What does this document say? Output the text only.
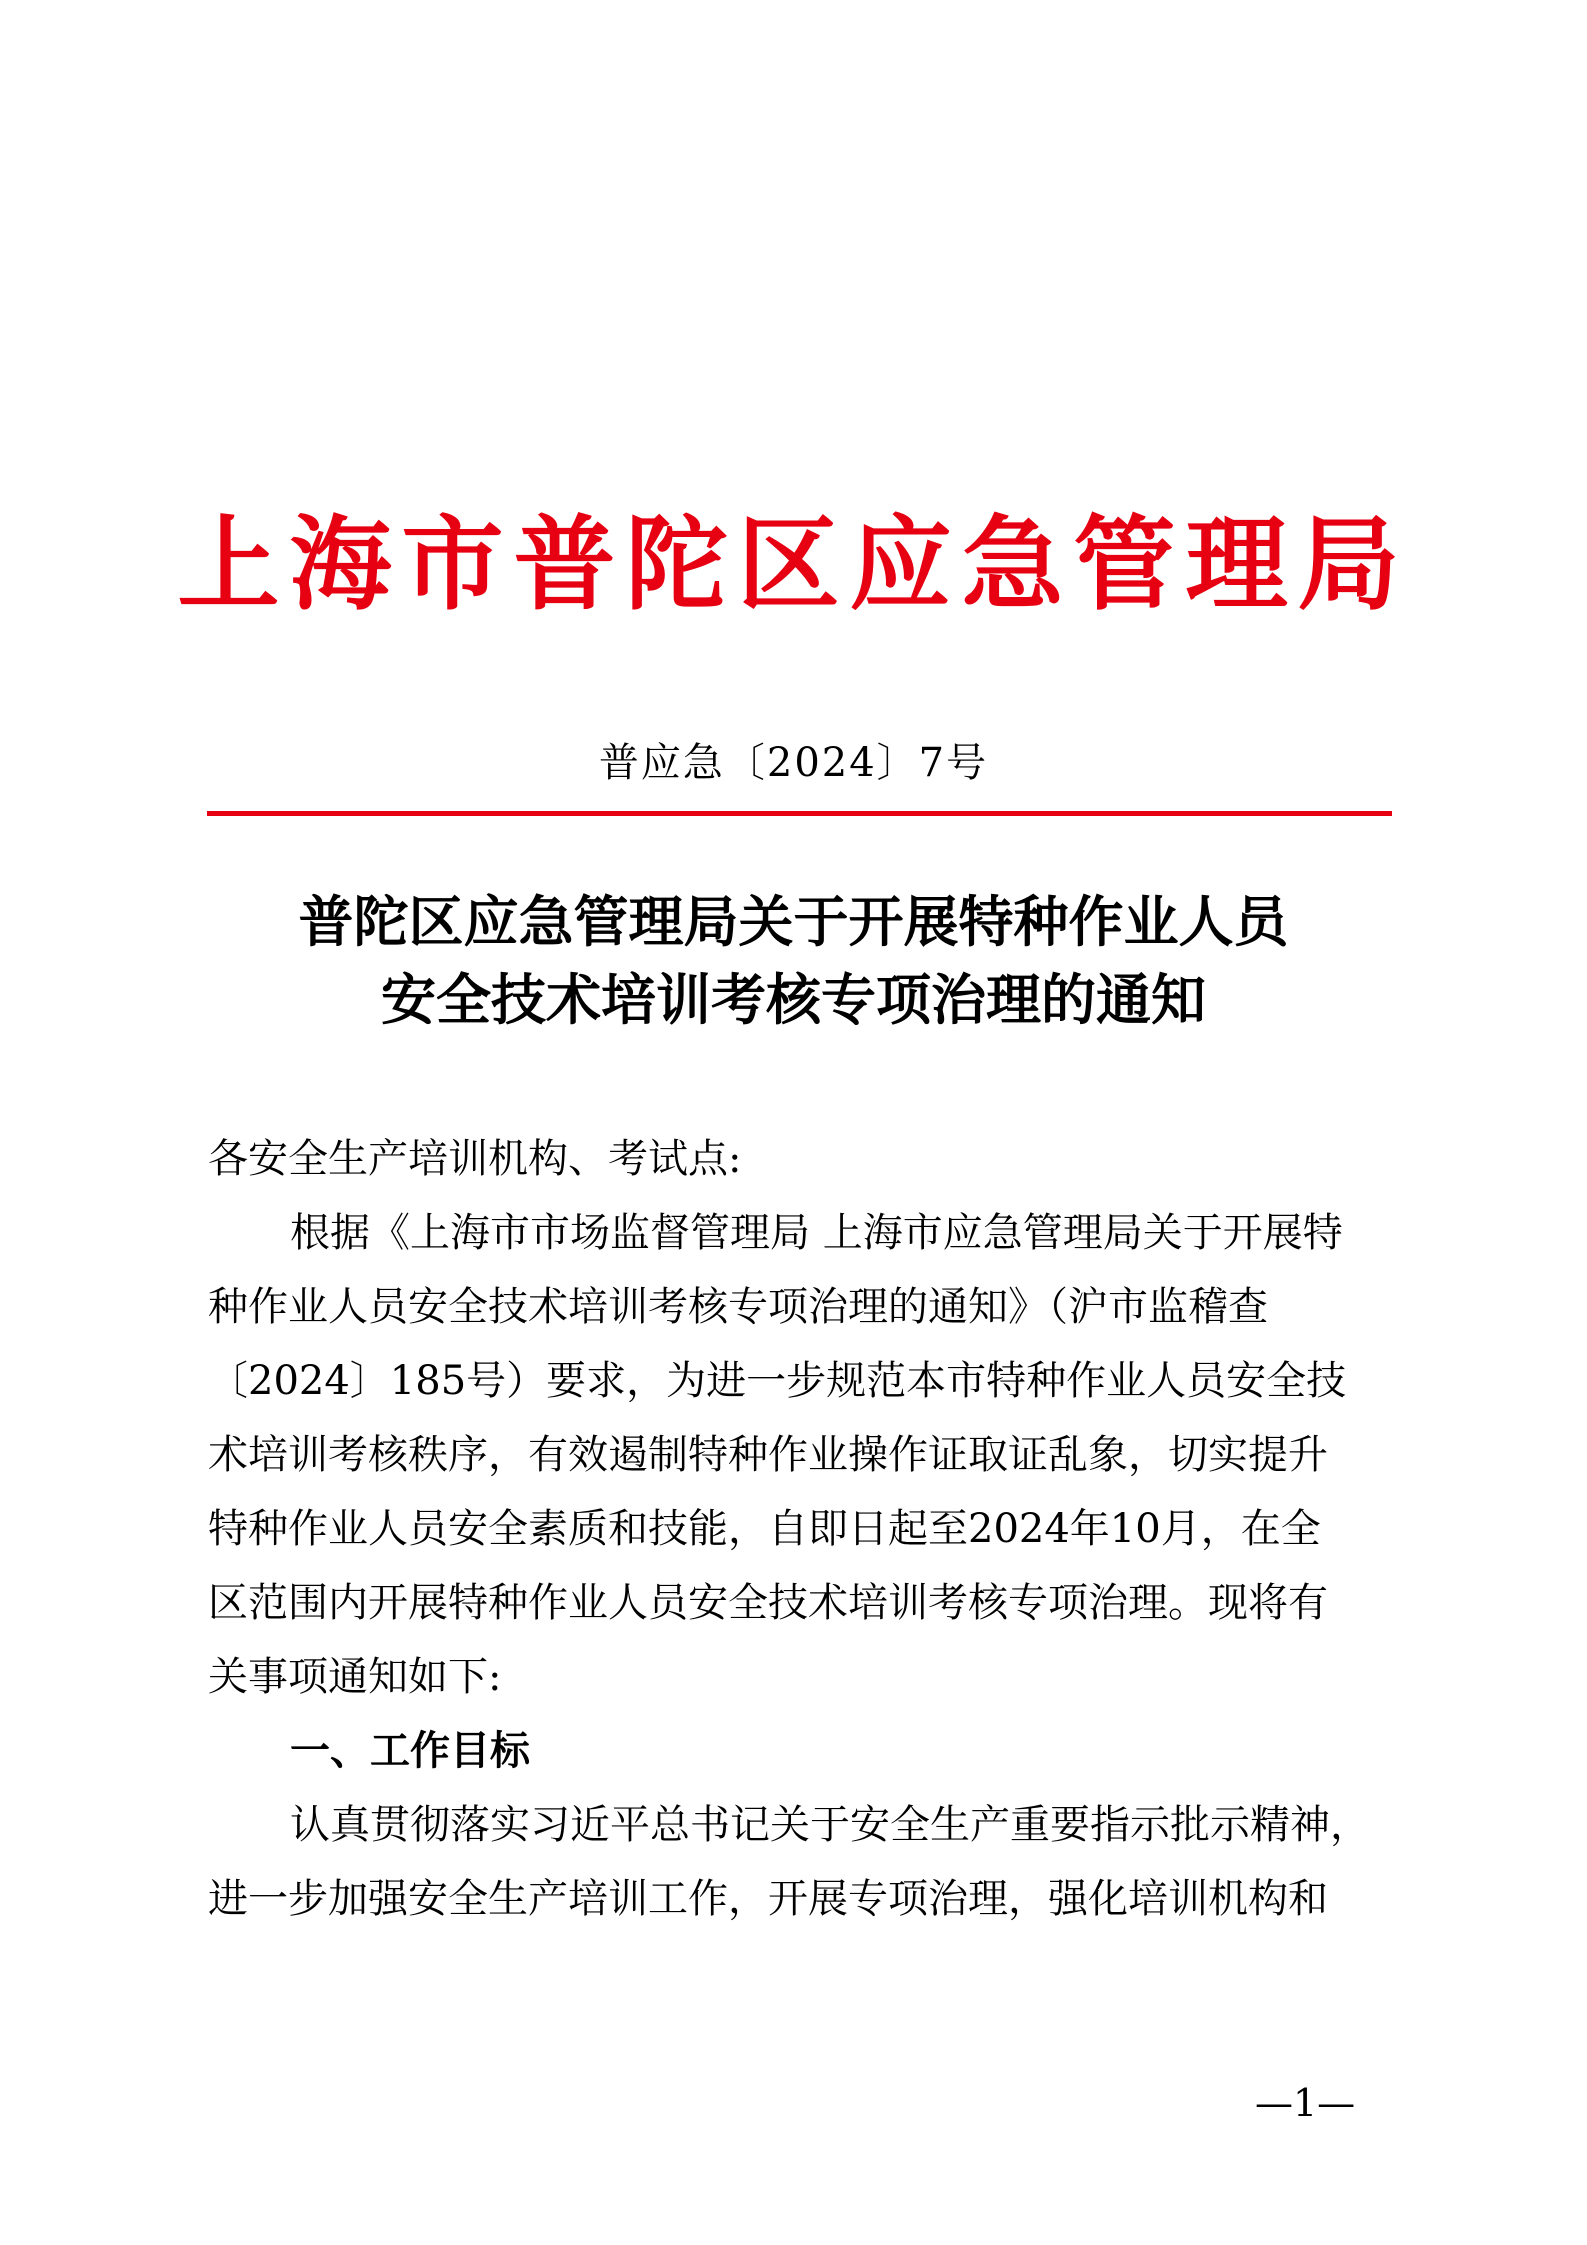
上海市普陀区应急管理局
普应急〔2024〕7号
普陀区应急管理局关于开展特种作业人员
安全技术培训考核专项治理的通知
各安全生产培训机构、考试点:
根据《上海市市场监督管理局 上海市应急管理局关于开展特
种作业人员安全技术培训考核专项治理的通知》（沪市监稽查
〔2024〕185号）要求，为进一步规范本市特种作业人员安全技
术培训考核秩序，有效遏制特种作业操作证取证乱象，切实提升
特种作业人员安全素质和技能，自即日起至2024年10月，在全
区范围内开展特种作业人员安全技术培训考核专项治理。现将有
关事项通知如下:
一、工作目标
认真贯彻落实习近平总书记关于安全生产重要指示批示精神，
进一步加强安全生产培训工作，开展专项治理，强化培训机构和
—1—
